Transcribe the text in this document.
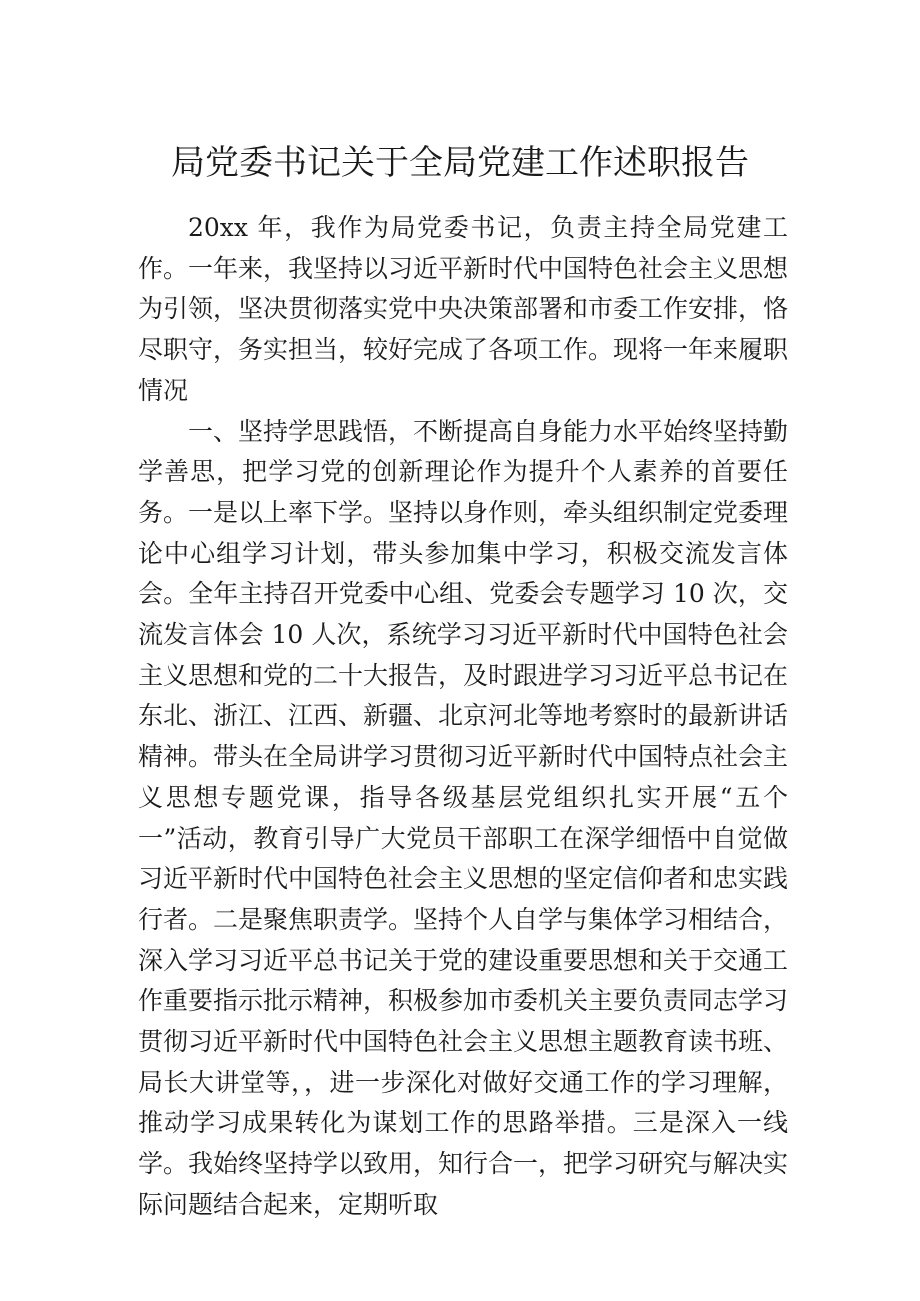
局党委书记关于全局党建工作述职报告

20xx 年，我作为局党委书记，负责主持全局党建工作。一年来，我坚持以习近平新时代中国特色社会主义思想为引领，坚决贯彻落实党中央决策部署和市委工作安排，恪尽职守，务实担当，较好完成了各项工作。现将一年来履职情况

一、坚持学思践悟，不断提高自身能力水平始终坚持勤学善思，把学习党的创新理论作为提升个人素养的首要任务。一是以上率下学。坚持以身作则，牵头组织制定党委理论中心组学习计划，带头参加集中学习，积极交流发言体会。全年主持召开党委中心组、党委会专题学习 10 次，交流发言体会 10 人次，系统学习习近平新时代中国特色社会主义思想和党的二十大报告，及时跟进学习习近平总书记在东北、浙江、江西、新疆、北京河北等地考察时的最新讲话精神。带头在全局讲学习贯彻习近平新时代中国特点社会主义思想专题党课，指导各级基层党组织扎实开展“五个一”活动，教育引导广大党员干部职工在深学细悟中自觉做习近平新时代中国特色社会主义思想的坚定信仰者和忠实践行者。二是聚焦职责学。坚持个人自学与集体学习相结合，深入学习习近平总书记关于党的建设重要思想和关于交通工作重要指示批示精神，积极参加市委机关主要负责同志学习贯彻习近平新时代中国特色社会主义思想主题教育读书班、局长大讲堂等，，进一步深化对做好交通工作的学习理解，推动学习成果转化为谋划工作的思路举措。三是深入一线学。我始终坚持学以致用，知行合一，把学习研究与解决实际问题结合起来，定期听取
